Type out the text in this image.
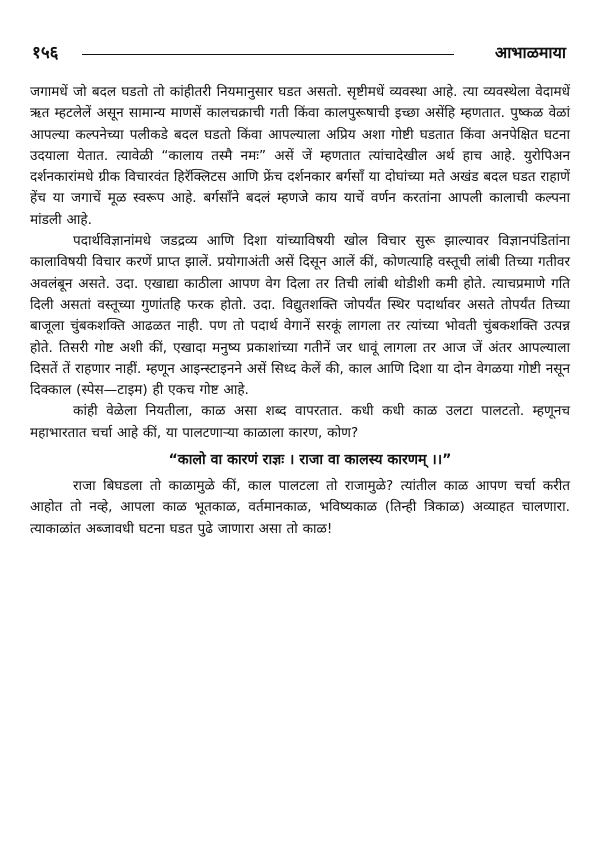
१५६	आभाळमाया

जगामधें जो बदल घडतो तो कांहीतरी नियमानुसार घडत असतो. सृष्टीमधें व्यवस्था आहे. त्या व्यवस्थेला वेदामधें ऋत म्हटलेलें असून सामान्य माणसें कालचक्राची गती किंवा कालपुरूषाची इच्छा असेंहि म्हणतात. पुष्कळ वेळां आपल्या कल्पनेच्या पलीकडे बदल घडतो किंवा आपल्याला अप्रिय अशा गोष्टी घडतात किंवा अनपेक्षित घटना उदयाला येतात. त्यावेळी “कालाय तस्मै नमः” असें जें म्हणतात त्यांचादेखील अर्थ हाच आहे. युरोपिअन दर्शनकारांमधे ग्रीक विचारवंत हिरॅक्लिटस आणि फ्रेंच दर्शनकार बर्गसाँ या दोघांच्या मते अखंड बदल घडत राहाणें हेंच या जगाचें मूळ स्वरूप आहे. बर्गसाँने बदलं म्हणजे काय याचें वर्णन करतांना आपली कालाची कल्पना मांडली आहे.

पदार्थविज्ञानांमधे जडद्रव्य आणि दिशा यांच्याविषयी खोल विचार सुरू झाल्यावर विज्ञानपंडितांना कालाविषयी विचार करणें प्राप्त झालें. प्रयोगाअंती असें दिसून आलें कीं, कोणत्याहि वस्तूची लांबी तिच्या गतीवर अवलंबून असते. उदा. एखाद्या काठीला आपण वेग दिला तर तिची लांबी थोडीशी कमी होते. त्याचप्रमाणे गति दिली असतां वस्तूच्या गुणांतहि फरक होतो. उदा. विद्युतशक्ति जोपर्यंत स्थिर पदार्थावर असते तोपर्यंत तिच्या बाजूला चुंबकशक्ति आढळत नाही. पण तो पदार्थ वेगानें सरकूं लागला तर त्यांच्या भोवती चुंबकशक्ति उत्पन्न होते. तिसरी गोष्ट अशी कीं, एखादा मनुष्य प्रकाशांच्या गतीनें जर धावूं लागला तर आज जें अंतर आपल्याला दिसतें तें राहणार नाहीं. म्हणून आइन्स्टाइनने असें सिध्द केलें की, काल आणि दिशा या दोन वेगळया गोष्टी नसून दिक्काल (स्पेस—टाइम) ही एकच गोष्ट आहे.

कांही वेळेला नियतीला, काळ असा शब्द वापरतात. कधी कधी काळ उलटा पालटतो. म्हणूनच महाभारतात चर्चा आहे कीं, या पालटणाऱ्या काळाला कारण, कोण?

“कालो वा कारणं राज्ञः । राजा वा कालस्य कारणम् ।।”

राजा बिघडला तो काळामुळे कीं, काल पालटला तो राजामुळे? त्यांतील काळ आपण चर्चा करीत आहोत तो नव्हे, आपला काळ भूतकाळ, वर्तमानकाळ, भविष्यकाळ (तिन्ही त्रिकाळ) अव्याहत चालणारा. त्याकाळांत अब्जावधी घटना घडत पुढे जाणारा असा तो काळ!
